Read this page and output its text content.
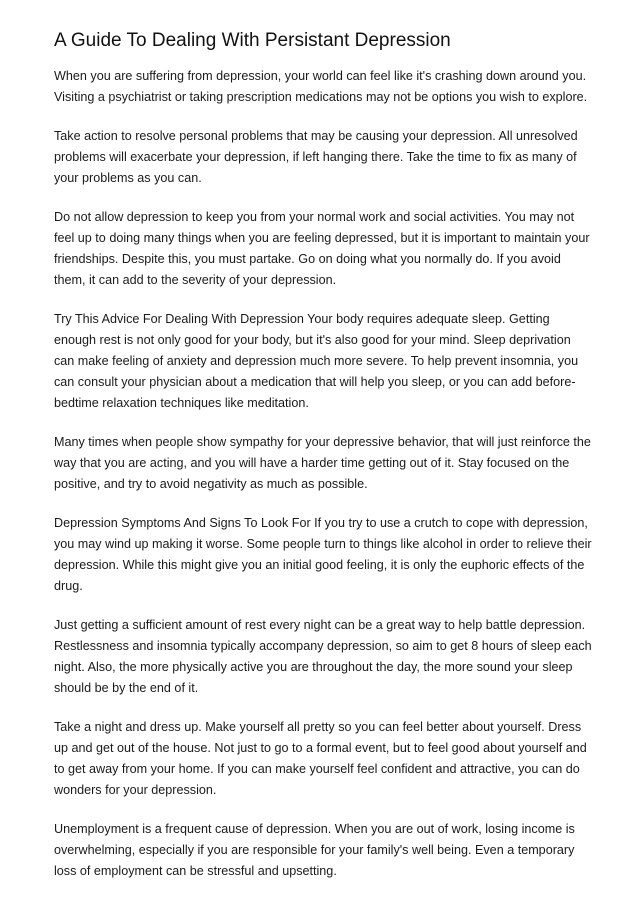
A Guide To Dealing With Persistant Depression

When you are suffering from depression, your world can feel like it's crashing down around you. Visiting a psychiatrist or taking prescription medications may not be options you wish to explore.

Take action to resolve personal problems that may be causing your depression. All unresolved problems will exacerbate your depression, if left hanging there. Take the time to fix as many of your problems as you can.

Do not allow depression to keep you from your normal work and social activities. You may not feel up to doing many things when you are feeling depressed, but it is important to maintain your friendships. Despite this, you must partake. Go on doing what you normally do. If you avoid them, it can add to the severity of your depression.

Try This Advice For Dealing With Depression Your body requires adequate sleep. Getting enough rest is not only good for your body, but it's also good for your mind. Sleep deprivation can make feeling of anxiety and depression much more severe. To help prevent insomnia, you can consult your physician about a medication that will help you sleep, or you can add before-bedtime relaxation techniques like meditation.

Many times when people show sympathy for your depressive behavior, that will just reinforce the way that you are acting, and you will have a harder time getting out of it. Stay focused on the positive, and try to avoid negativity as much as possible.

Depression Symptoms And Signs To Look For If you try to use a crutch to cope with depression, you may wind up making it worse. Some people turn to things like alcohol in order to relieve their depression. While this might give you an initial good feeling, it is only the euphoric effects of the drug.

Just getting a sufficient amount of rest every night can be a great way to help battle depression. Restlessness and insomnia typically accompany depression, so aim to get 8 hours of sleep each night. Also, the more physically active you are throughout the day, the more sound your sleep should be by the end of it.

Take a night and dress up. Make yourself all pretty so you can feel better about yourself. Dress up and get out of the house. Not just to go to a formal event, but to feel good about yourself and to get away from your home. If you can make yourself feel confident and attractive, you can do wonders for your depression.

Unemployment is a frequent cause of depression. When you are out of work, losing income is overwhelming, especially if you are responsible for your family's well being. Even a temporary loss of employment can be stressful and upsetting.
